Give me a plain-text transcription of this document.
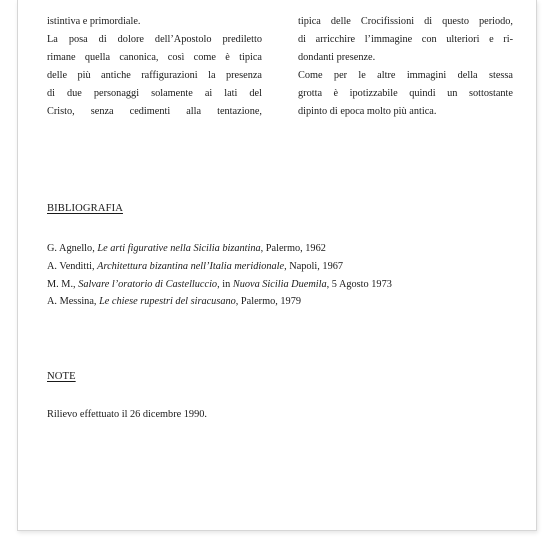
istintiva e primordiale.

La posa di dolore dell’Apostolo prediletto

rimane quella canonica, così come è tipica

delle più antiche raffigurazioni la presenza

di due personaggi solamente ai lati del

Cristo, senza cedimenti alla tentazione,

tipica delle Crocifissioni di questo periodo,

di arricchire l’immagine con ulteriori e ri-

dondanti presenze.

Come per le altre immagini della stessa

grotta è ipotizzabile quindi un sottostante

dipinto di epoca molto più antica.

BIBLIOGRAFIA
G. Agnello, Le arti figurative nella Sicilia bizantina, Palermo, 1962
A. Venditti, Architettura bizantina nell’Italia meridionale, Napoli, 1967
M. M., Salvare l’oratorio di Castelluccio, in Nuova Sicilia Duemila, 5 Agosto 1973
A. Messina, Le chiese rupestri del siracusano, Palermo, 1979
NOTE
Rilievo effettuato il 26 dicembre 1990.
